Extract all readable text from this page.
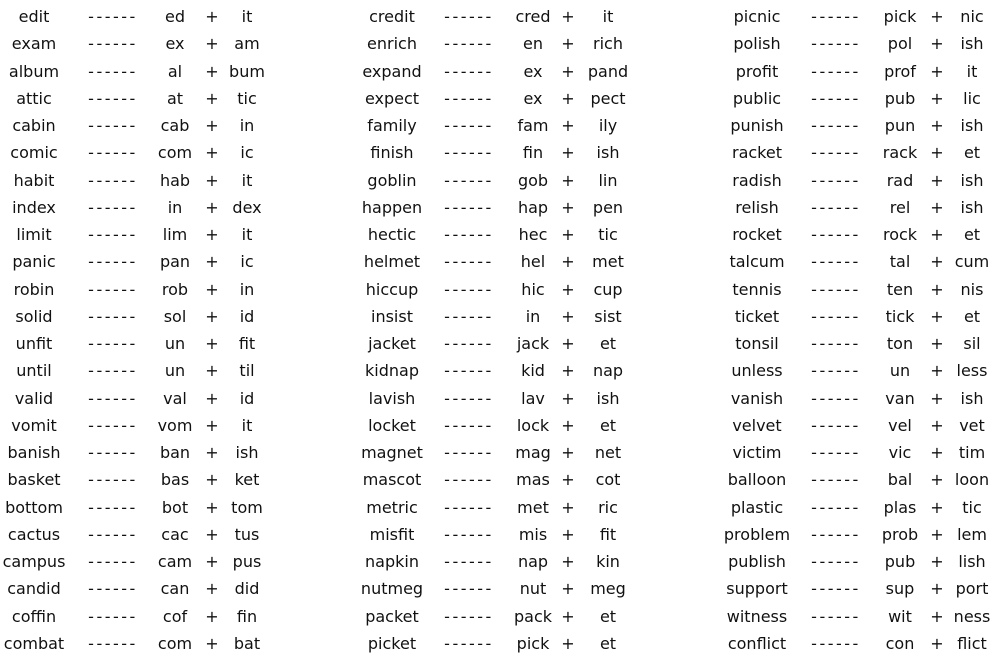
edit ------ ed + it
exam ------ ex + am
album ------ al + bum
attic ------ at + tic
cabin ------ cab + in
comic ------ com + ic
habit ------ hab + it
index ------ in + dex
limit ------ lim + it
panic ------ pan + ic
robin ------ rob + in
solid ------ sol + id
unfit ------ un + fit
until ------ un + til
valid ------ val + id
vomit ------ vom + it
banish ------ ban + ish
basket ------ bas + ket
bottom ------ bot + tom
cactus ------ cac + tus
campus ------ cam + pus
candid ------ can + did
coffin ------ cof + fin
combat ------ com + bat
credit ------ cred + it
enrich ------ en + rich
expand ------ ex + pand
expect ------ ex + pect
family ------ fam + ily
finish ------ fin + ish
goblin ------ gob + lin
happen ------ hap + pen
hectic ------ hec + tic
helmet ------ hel + met
hiccup ------ hic + cup
insist ------ in + sist
jacket ------ jack + et
kidnap ------ kid + nap
lavish ------ lav + ish
locket ------ lock + et
magnet ------ mag + net
mascot ------ mas + cot
metric ------ met + ric
misfit ------ mis + fit
napkin ------ nap + kin
nutmeg ------ nut + meg
packet ------ pack + et
picket ------ pick + et
picnic ------ pick + nic
polish ------ pol + ish
profit ------ prof + it
public ------ pub + lic
punish ------ pun + ish
racket ------ rack + et
radish ------ rad + ish
relish ------ rel + ish
rocket ------ rock + et
talcum ------ tal + cum
tennis ------ ten + nis
ticket ------ tick + et
tonsil ------ ton + sil
unless ------ un + less
vanish ------ van + ish
velvet ------ vel + vet
victim ------ vic + tim
balloon ------ bal + loon
plastic ------ plas + tic
problem ------ prob + lem
publish ------ pub + lish
support ------ sup + port
witness ------ wit + ness
conflict ------ con + flict
